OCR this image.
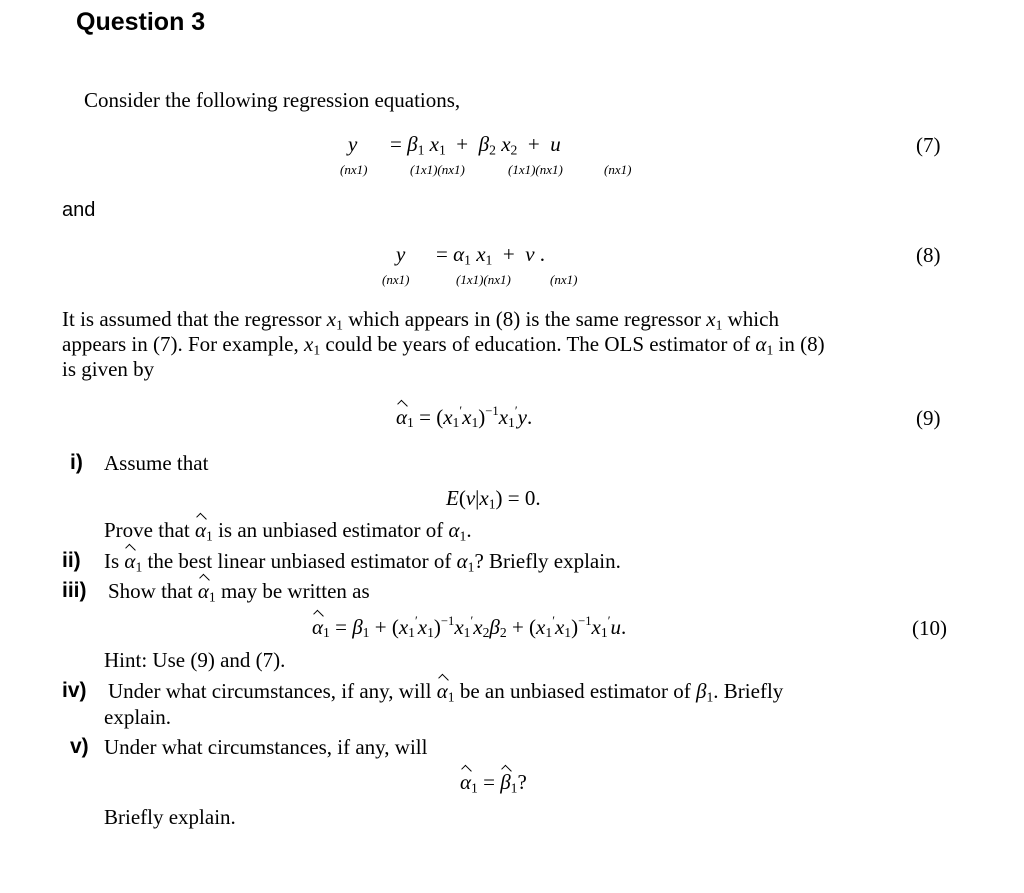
Question 3
Consider the following regression equations,
$y = \beta_1$ $x_1 + \beta_2$ $x_2 + u$
(nx1)	(1x1)(nx1)	(1x1)(nx1)	(nx1)
(7)
and
$y = \alpha_1$ $x_1 + v$ .
(nx1)	(1x1)(nx1)	(nx1)
(8)
It is assumed that the regressor $x_1$ which appears in (8) is the same regressor $x_1$ which
appears in (7). For example, $x_1$ could be years of education. The OLS estimator of $\alpha_1$ in (8)
is given by
$\alpha_1 = (x_1'x_1)^{-1}x_1'y$.	(9)
i) Assume that
$E(v|x_1) = 0$.
Prove that $\alpha_1$ is an unbiased estimator of $\alpha_1$.
ii) Is $\alpha_1$ the best linear unbiased estimator of $\alpha_1$? Briefly explain.
iii) Show that $\alpha_1$ may be written as
$\alpha_1 = \beta_1 + (x_1'x_1)^{-1}x_1'x_2\beta_2 + (x_1'x_1)^{-1}x_1'u$.	(10)
Hint: Use (9) and (7).
iv) Under what circumstances, if any, will $\alpha_1$ be an unbiased estimator of $\beta_1$. Briefly
explain.
v) Under what circumstances, if any, will
$\alpha_1 = \beta_1$?
Briefly explain.
